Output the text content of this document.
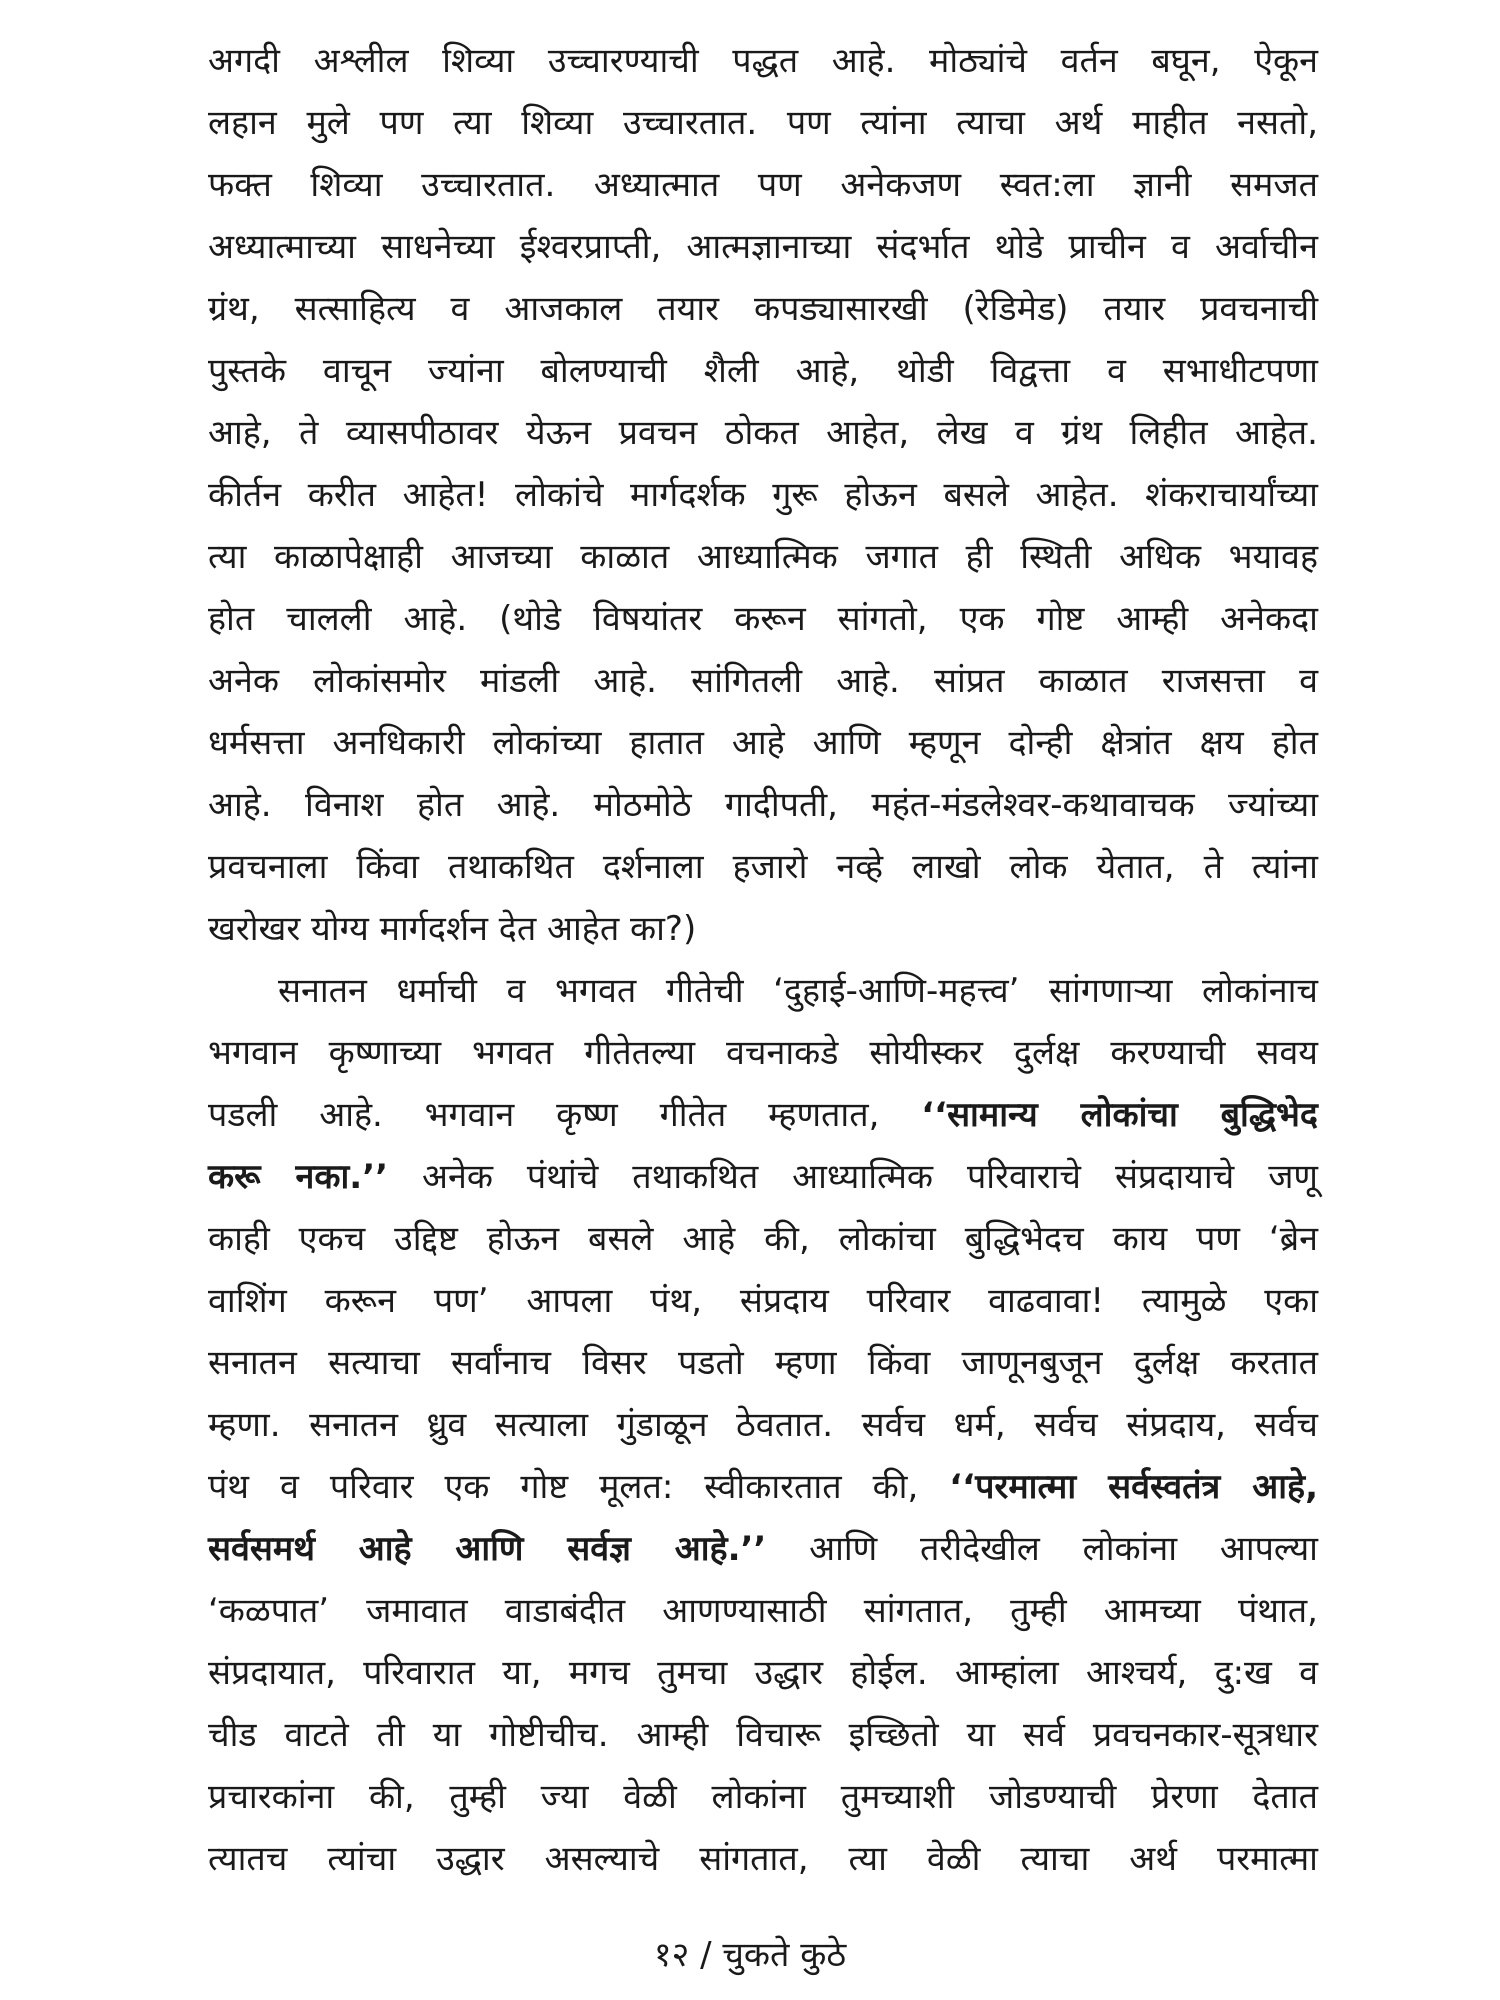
अगदी अश्लील शिव्या उच्चारण्याची पद्धत आहे. मोठ्यांचे वर्तन बघून, ऐकून
लहान मुले पण त्या शिव्या उच्चारतात. पण त्यांना त्याचा अर्थ माहीत नसतो,
फक्त शिव्या उच्चारतात. अध्यात्मात पण अनेकजण स्वत:ला ज्ञानी समजत
अध्यात्माच्या साधनेच्या ईश्वरप्राप्ती, आत्मज्ञानाच्या संदर्भात थोडे प्राचीन व अर्वाचीन
ग्रंथ, सत्साहित्य व आजकाल तयार कपड्यासारखी (रेडिमेड) तयार प्रवचनाची
पुस्तके वाचून ज्यांना बोलण्याची शैली आहे, थोडी विद्वत्ता व सभाधीटपणा
आहे, ते व्यासपीठावर येऊन प्रवचन ठोकत आहेत, लेख व ग्रंथ लिहीत आहेत.
कीर्तन करीत आहेत! लोकांचे मार्गदर्शक गुरू होऊन बसले आहेत. शंकराचार्यांच्या
त्या काळापेक्षाही आजच्या काळात आध्यात्मिक जगात ही स्थिती अधिक भयावह
होत चालली आहे. (थोडे विषयांतर करून सांगतो, एक गोष्ट आम्ही अनेकदा
अनेक लोकांसमोर मांडली आहे. सांगितली आहे. सांप्रत काळात राजसत्ता व
धर्मसत्ता अनधिकारी लोकांच्या हातात आहे आणि म्हणून दोन्ही क्षेत्रांत क्षय होत
आहे. विनाश होत आहे. मोठमोठे गादीपती, महंत-मंडलेश्वर-कथावाचक ज्यांच्या
प्रवचनाला किंवा तथाकथित दर्शनाला हजारो नव्हे लाखो लोक येतात, ते त्यांना
खरोखर योग्य मार्गदर्शन देत आहेत का?)

सनातन धर्माची व भगवत गीतेची ‘दुहाई-आणि-महत्त्व’ सांगणाऱ्या लोकांनाच
भगवान कृष्णाच्या भगवत गीतेतल्या वचनाकडे सोयीस्कर दुर्लक्ष करण्याची सवय
पडली आहे. भगवान कृष्ण गीतेत म्हणतात, ‘‘सामान्य लोकांचा बुद्धिभेद
करू नका.’’ अनेक पंथांचे तथाकथित आध्यात्मिक परिवाराचे संप्रदायाचे जणू
काही एकच उद्दिष्ट होऊन बसले आहे की, लोकांचा बुद्धिभेदच काय पण ‘ब्रेन
वाशिंग करून पण’ आपला पंथ, संप्रदाय परिवार वाढवावा! त्यामुळे एका
सनातन सत्याचा सर्वांनाच विसर पडतो म्हणा किंवा जाणूनबुजून दुर्लक्ष करतात
म्हणा. सनातन ध्रुव सत्याला गुंडाळून ठेवतात. सर्वच धर्म, सर्वच संप्रदाय, सर्वच
पंथ व परिवार एक गोष्ट मूलत: स्वीकारतात की, ‘‘परमात्मा सर्वस्वतंत्र आहे,
सर्वसमर्थ आहे आणि सर्वज्ञ आहे.’’ आणि तरीदेखील लोकांना आपल्या
‘कळपात’ जमावात वाडाबंदीत आणण्यासाठी सांगतात, तुम्ही आमच्या पंथात,
संप्रदायात, परिवारात या, मगच तुमचा उद्धार होईल. आम्हांला आश्चर्य, दु:ख व
चीड वाटते ती या गोष्टीचीच. आम्ही विचारू इच्छितो या सर्व प्रवचनकार-सूत्रधार
प्रचारकांना की, तुम्ही ज्या वेळी लोकांना तुमच्याशी जोडण्याची प्रेरणा देतात
त्यातच त्यांचा उद्धार असल्याचे सांगतात, त्या वेळी त्याचा अर्थ परमात्मा

१२ / चुकते कुठे
